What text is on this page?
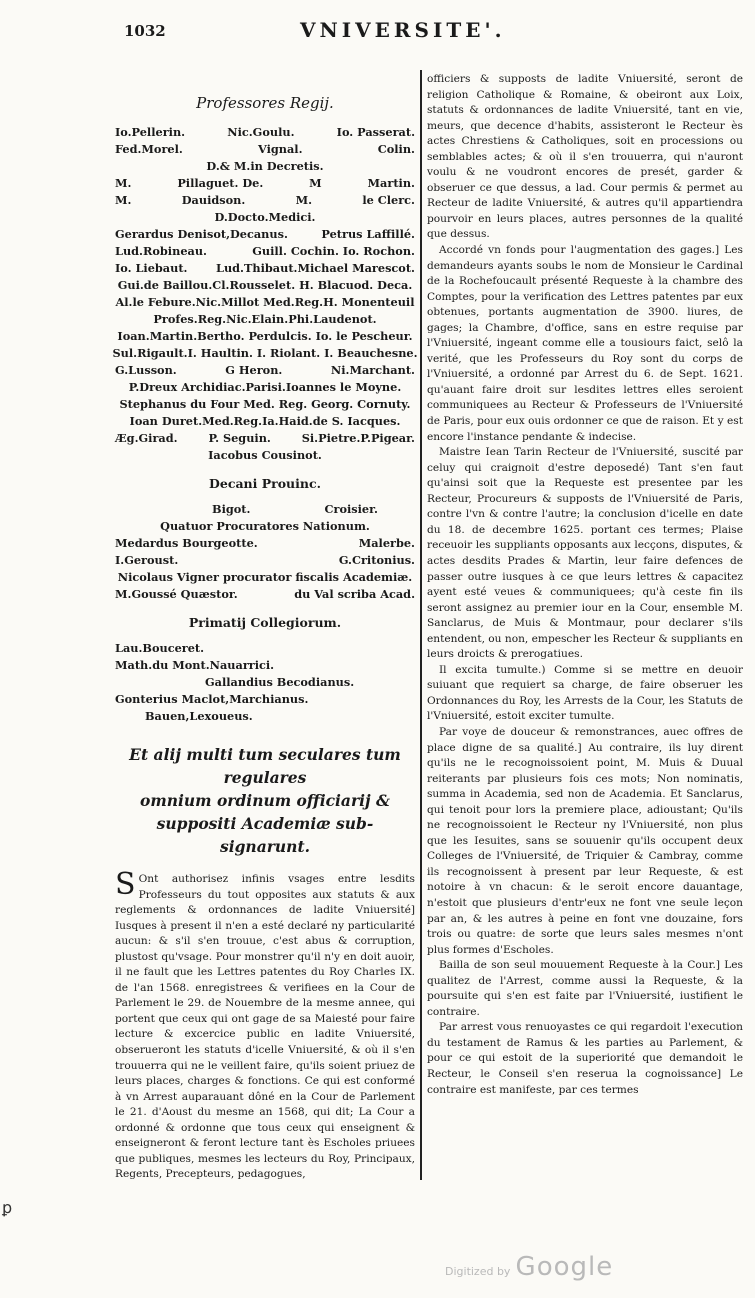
1032	VNIVERSITE'.
Professores Regij.
Io.Pellerin.	Nic.Goulu.	Io. Passerat.
Fed.Morel.	Vignal.	Colin.
D.& M.in Decretis.
M.	Pillaguet. De.	M	Martin.
M.	Dauidson.	M.	le Clerc.
D.Docto.Medici.
Gerardus Denisot,Decanus.	Petrus Laffillé.
Lud.Robineau.	Guill. Cochin. Io. Rochon.
Io. Liebaut.	Lud.Thibaut.Michael Marescot.
Gui.de Baillou.Cl.Rousselet. H. Blacuod. Deca.
Al.le Febure.Nic.Millot Med.Reg.H. Monenteuil
Profes.Reg.Nic.Elain.Phi.Laudenot.
Ioan.Martin.Bertho. Perdulcis. Io. le Pescheur.
Sul.Rigault.I. Haultin. I. Riolant. I. Beauchesne.
G.Lusson.	G Heron.	Ni.Marchant.
P.Dreux Archidiac.Parisi.Ioannes le Moyne.
Stephanus du Four Med. Reg. Georg. Cornuty.
Ioan Duret.Med.Reg.Ia.Haid.de S. Iacques.
Æg.Girad.	P. Seguin.	Si.Pietre.P.Pigear.
Iacobus Cousinot.
Decani Prouinc.
Bigot.	Croisier.
Quatuor Procuratores Nationum.
Medardus Bourgeotte.	Malerbe.
I.Geroust.	G.Critonius.
Nicolaus Vigner procurator fiscalis Academiæ.
M.Goussé Quæstor.	du Val scriba Acad.
Primatij Collegiorum.
Lau.Bouceret.
Math.du Mont.Nauarrici.
Gallandius Becodianus.
Gonterius Maclot,Marchianus.
Bauen,Lexoueus.
Et alij multi tum seculares tum regulares
omnium ordinum officiarij &
suppositi Academiæ sub-
signarunt.

S Ont authorisez infinis vsages entre lesdits Professeurs du tout opposites aux statuts & aux reglements & ordonnances de ladite Vniuersité] Iusques à present il n'en a esté declaré ny particularité aucun: & s'il s'en trouue, c'est abus & corruption, plustost qu'vsage. Pour monstrer qu'il n'y en doit auoir, il ne fault que les Lettres patentes du Roy Charles IX. de l'an 1568. enregistrees & verifiees en la Cour de Parlement le 29. de Nouembre de la mesme annee, qui portent que ceux qui ont gage de sa Maiesté pour faire lecture & excercice public en ladite Vniuersité, obserueront les statuts d'icelle Vniuersité, & où il s'en trouuerra qui ne le veillent faire, qu'ils soient priuez de leurs places, charges & fonctions. Ce qui est conformé à vn Arrest auparauant dôné en la Cour de Parlement le 21. d'Aoust du mesme an 1568, qui dit; La Cour a ordonné & ordonne que tous ceux qui enseignent & enseigneront & feront lecture tant ès Escholes priuees que publiques, mesmes les lecteurs du Roy, Principaux, Regents, Precepteurs, pedagogues,

officiers & supposts de ladite Vniuersité, seront de religion Catholique & Romaine, & obeiront aux Loix, statuts & ordonnances de ladite Vniuersité, tant en vie, meurs, que decence d'habits, assisteront le Recteur ès actes Chrestiens & Catholiques, soit en processions ou semblables actes; & où il s'en trouuerra, qui n'auront voulu & ne voudront encores de presét, garder & obseruer ce que dessus, a lad. Cour permis & permet au Recteur de ladite Vniuersité, & autres qu'il appartiendra pourvoir en leurs places, autres personnes de la qualité que dessus.

Accordé vn fonds pour l'augmentation des gages.] Les demandeurs ayants soubs le nom de Monsieur le Cardinal de la Rochefoucault présenté Requeste à la chambre des Comptes, pour la verification des Lettres patentes par eux obtenues, portants augmentation de 3900. liures, de gages; la Chambre, d'office, sans en estre requise par l'Vniuersité, ingeant comme elle a tousiours faict, selô la verité, que les Professeurs du Roy sont du corps de l'Vniuersité, a ordonné par Arrest du 6. de Sept. 1621. qu'auant faire droit sur lesdites lettres elles seroient communiquees au Recteur & Professeurs de l'Vniuersité de Paris, pour eux ouis ordonner ce que de raison. Et y est encore l'instance pendante & indecise.

Maistre Iean Tarin Recteur de l'Vniuersité, suscité par celuy qui craignoit d'estre deposedé) Tant s'en faut qu'ainsi soit que la Requeste est presentee par les Recteur, Procureurs & supposts de l'Vniuersité de Paris, contre l'vn & contre l'autre; la conclusion d'icelle en date du 18. de decembre 1625. portant ces termes; Plaise receuoir les suppliants opposants aux lecçons, disputes, & actes desdits Prades & Martin, leur faire defences de passer outre iusques à ce que leurs lettres & capacitez ayent esté veues & communiquees; qu'à ceste fin ils seront assignez au premier iour en la Cour, ensemble M. Sanclarus, de Muis & Montmaur, pour declarer s'ils entendent, ou non, empescher les Recteur & suppliants en leurs droicts & prerogatiues.

Il excita tumulte.) Comme si se mettre en deuoir suiuant que requiert sa charge, de faire obseruer les Ordonnances du Roy, les Arrests de la Cour, les Statuts de l'Vniuersité, estoit exciter tumulte.

Par voye de douceur & remonstrances, auec offres de place digne de sa qualité.] Au contraire, ils luy dirent qu'ils ne le recognoissoient point, M. Muis & Duual reiterants par plusieurs fois ces mots; Non nominatis, summa in Academia, sed non de Academia. Et Sanclarus, qui tenoit pour lors la premiere place, adioustant; Qu'ils ne recognoissoient le Recteur ny l'Vniuersité, non plus que les Iesuites, sans se souuenir qu'ils occupent deux Colleges de l'Vniuersité, de Triquier & Cambray, comme ils recognoissent à present par leur Requeste, & est notoire à vn chacun: & le seroit encore dauantage, n'estoit que plusieurs d'entr'eux ne font vne seule leçon par an, & les autres à peine en font vne douzaine, fors trois ou quatre: de sorte que leurs sales mesmes n'ont plus formes d'Escholes.

Bailla de son seul mouuement Requeste à la Cour.] Les qualitez de l'Arrest, comme aussi la Requeste, & la poursuite qui s'en est faite par l'Vniuersité, iustifient le contraire.

Par arrest vous renuoyastes ce qui regardoit l'execution du testament de Ramus & les parties au Parlement, & pour ce qui estoit de la superiorité que demandoit le Recteur, le Conseil s'en reserua la cognoissance] Le contraire est manifeste, par ces termes

ꝑ
Digitized by Google
